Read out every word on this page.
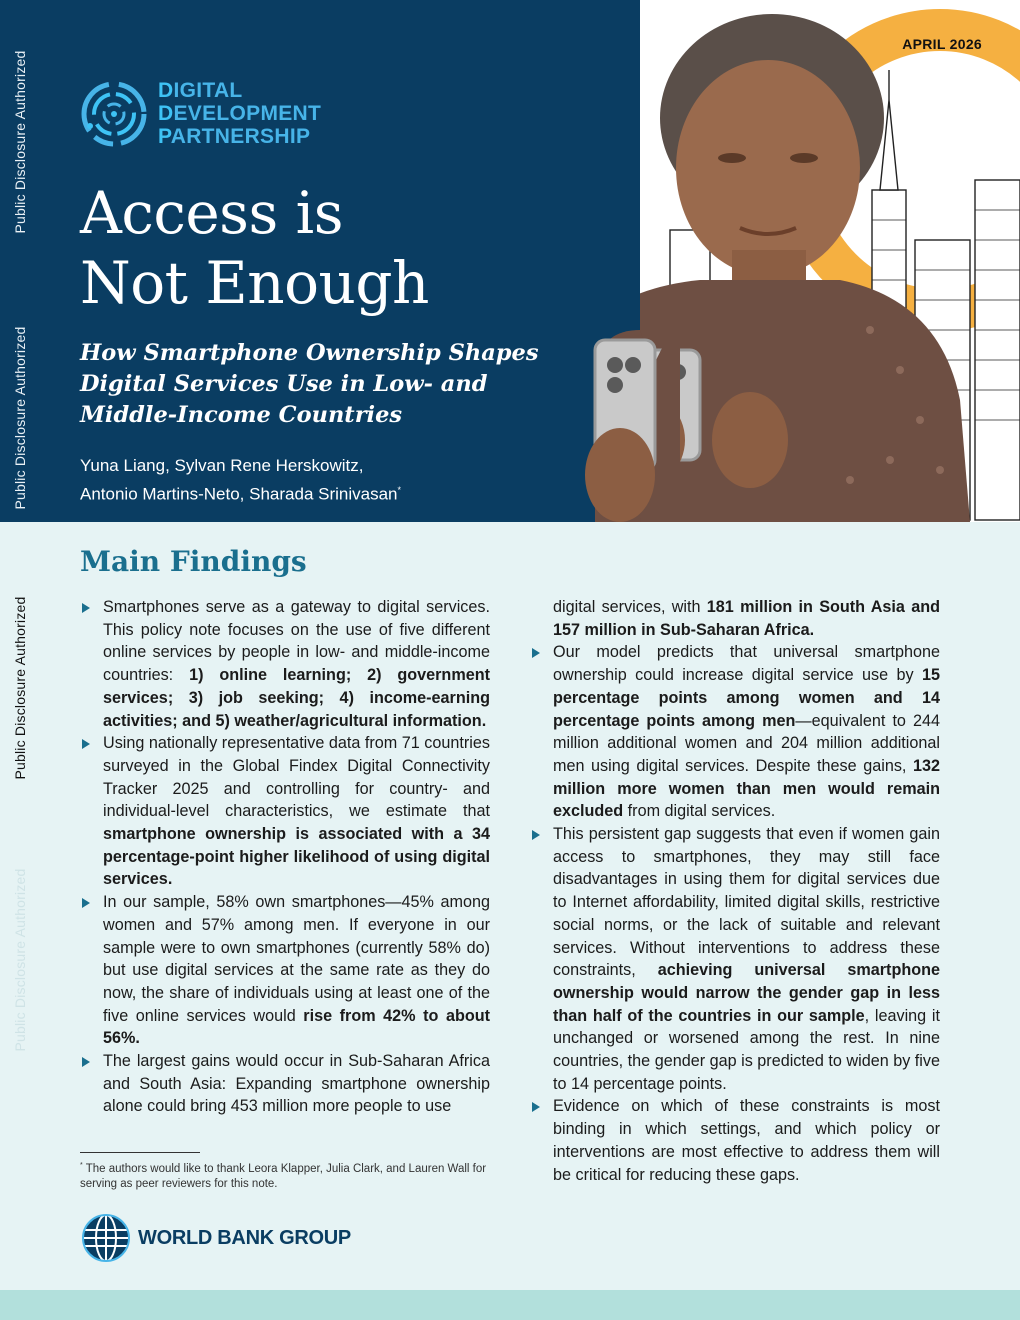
APRIL 2026
DIGITAL
DEVELOPMENT
PARTNERSHIP
Access is
Not Enough
How Smartphone Ownership Shapes
Digital Services Use in Low- and
Middle-Income Countries
Yuna Liang, Sylvan Rene Herskowitz,
Antonio Martins-Neto, Sharada Srinivasan*
Public Disclosure Authorized
Public Disclosure Authorized
Public Disclosure Authorized
Public Disclosure Authorized
Main Findings
Smartphones serve as a gateway to digital services. This policy note focuses on the use of five different online services by people in low- and middle-income countries: 1) online learning; 2) government services; 3) job seeking; 4) income-earning activities; and 5) weather/agricultural information.
Using nationally representative data from 71 countries surveyed in the Global Findex Digital Connectivity Tracker 2025 and controlling for country- and individual-level characteristics, we estimate that smartphone ownership is associated with a 34 percentage-point higher likelihood of using digital services.
In our sample, 58% own smartphones—45% among women and 57% among men. If everyone in our sample were to own smartphones (currently 58% do) but use digital services at the same rate as they do now, the share of individuals using at least one of the five online services would rise from 42% to about 56%.
The largest gains would occur in Sub-Saharan Africa and South Asia: Expanding smartphone ownership alone could bring 453 million more people to use
digital services, with 181 million in South Asia and 157 million in Sub-Saharan Africa.
Our model predicts that universal smartphone ownership could increase digital service use by 15 percentage points among women and 14 percentage points among men—equivalent to 244 million additional women and 204 million additional men using digital services. Despite these gains, 132 million more women than men would remain excluded from digital services.
This persistent gap suggests that even if women gain access to smartphones, they may still face disadvantages in using them for digital services due to Internet affordability, limited digital skills, restrictive social norms, or the lack of suitable and relevant services. Without interventions to address these constraints, achieving universal smartphone ownership would narrow the gender gap in less than half of the countries in our sample, leaving it unchanged or worsened among the rest. In nine countries, the gender gap is predicted to widen by five to 14 percentage points.
Evidence on which of these constraints is most binding in which settings, and which policy or interventions are most effective to address them will be critical for reducing these gaps.
* The authors would like to thank Leora Klapper, Julia Clark, and Lauren Wall for serving as peer reviewers for this note.
WORLD BANK GROUP
